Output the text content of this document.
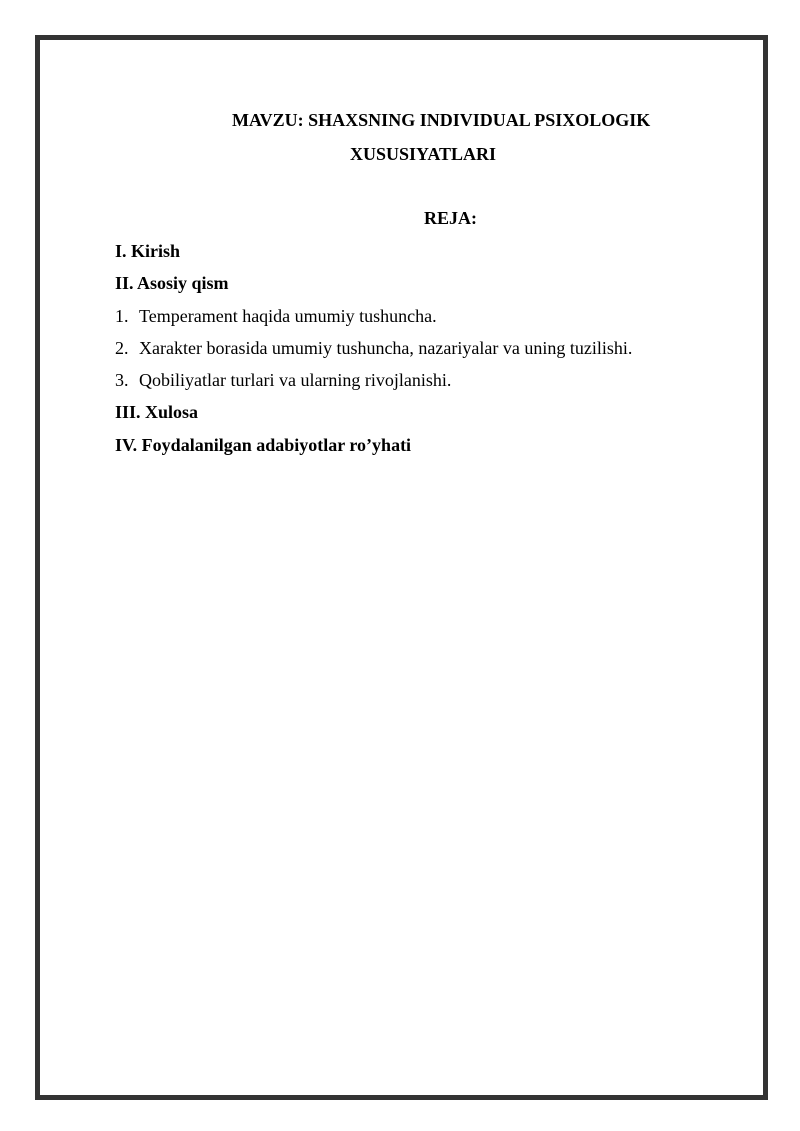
MAVZU: SHAXSNING INDIVIDUAL PSIXOLOGIK
XUSUSIYATLARI
REJA:
I. Kirish
II. Asosiy qism
1. Temperament haqida umumiy tushuncha.
2. Xarakter borasida umumiy tushuncha, nazariyalar va uning tuzilishi.
3. Qobiliyatlar turlari va ularning rivojlanishi.
III. Xulosa
IV. Foydalanilgan adabiyotlar ro’yhati
